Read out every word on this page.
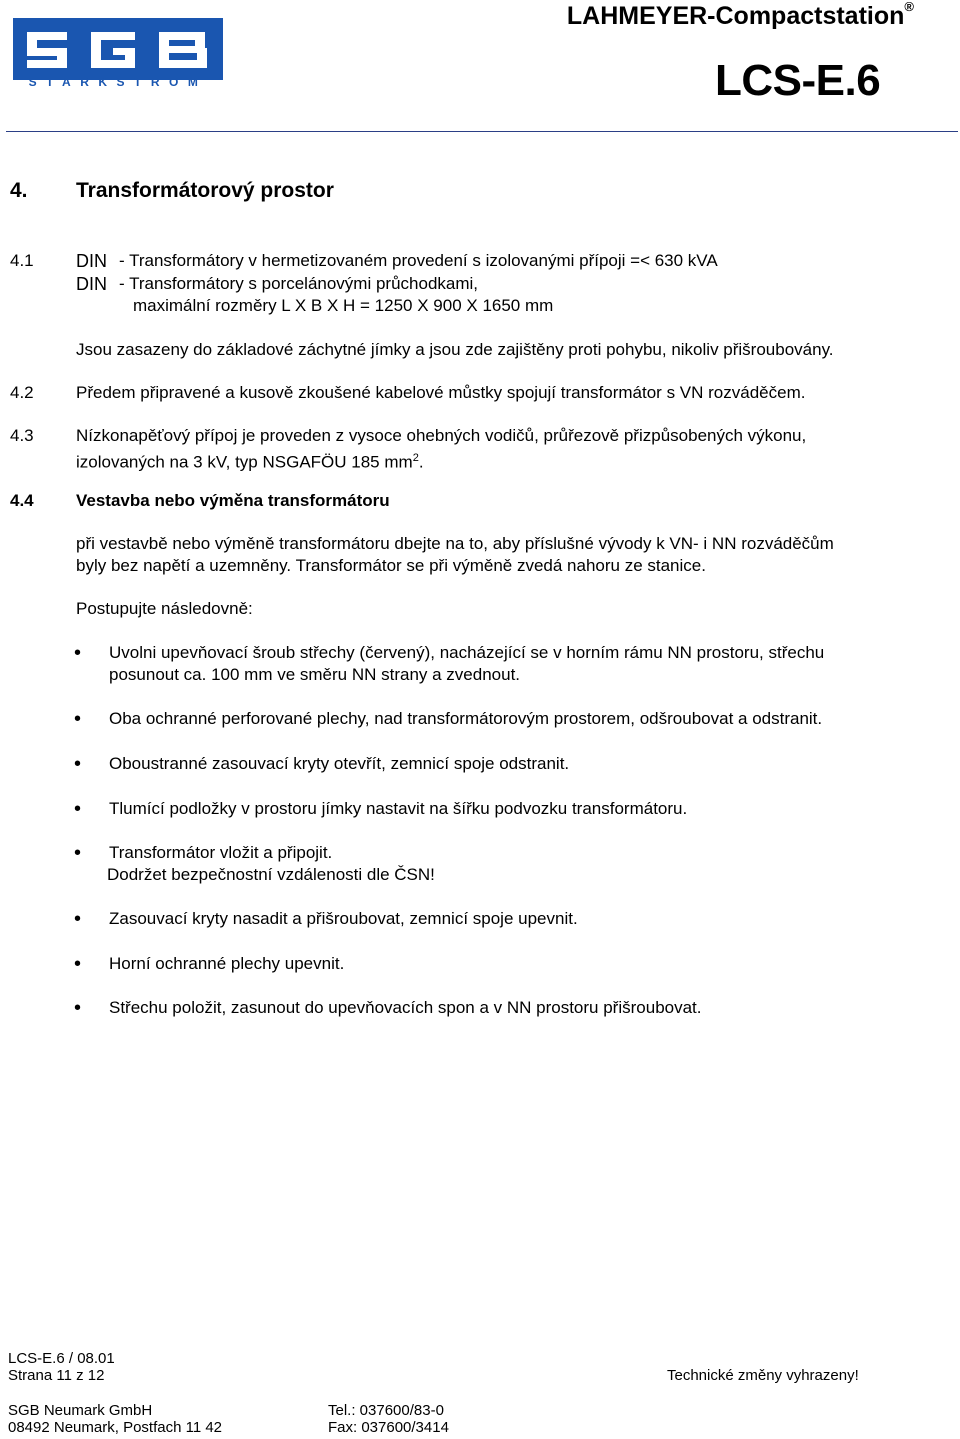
STARKSTROM
LAHMEYER-Compactstation®
LCS-E.6
4. Transformátorový prostor
4.1 DIN - Transformátory v hermetizovaném provedení s izolovanými přípoji =< 630 kVA
DIN - Transformátory s porcelánovými průchodkami,
maximální rozměry L X B X H = 1250 X 900 X 1650 mm
Jsou zasazeny do základové záchytné jímky a jsou zde zajištěny proti pohybu, nikoliv přišroubovány.
4.2 Předem připravené a kusově zkoušené kabelové můstky spojují transformátor s VN rozváděčem.
4.3 Nízkonapěťový přípoj je proveden z vysoce ohebných vodičů, průřezově přizpůsobených výkonu,
izolovaných na 3 kV, typ NSGAFÖU 185 $mm^2$.
4.4 Vestavba nebo výměna transformátoru
při vestavbě nebo výměně transformátoru dbejte na to, aby příslušné vývody k VN- i NN rozváděčům
byly bez napětí a uzemněny. Transformátor se při výměně zvedá nahoru ze stanice.
Postupujte následovně:
• Uvolni upevňovací šroub střechy (červený), nacházející se v horním rámu NN prostoru, střechu
posunout ca. 100 mm ve směru NN strany a zvednout.
• Oba ochranné perforované plechy, nad transformátorovým prostorem, odšroubovat a odstranit.
• Oboustranné zasouvací kryty otevřít, zemnicí spoje odstranit.
• Tlumící podložky v prostoru jímky nastavit na šířku podvozku transformátoru.
• Transformátor vložit a připojit.
Dodržet bezpečnostní vzdálenosti dle ČSN!
• Zasouvací kryty nasadit a přišroubovat, zemnicí spoje upevnit.
• Horní ochranné plechy upevnit.
• Střechu položit, zasunout do upevňovacích spon a v NN prostoru přišroubovat.
LCS-E.6 / 08.01
Strana 11 z 12	Technické změny vyhrazeny!
SGB Neumark GmbH
08492 Neumark, Postfach 11 42
Tel.: 037600/83-0
Fax: 037600/3414
